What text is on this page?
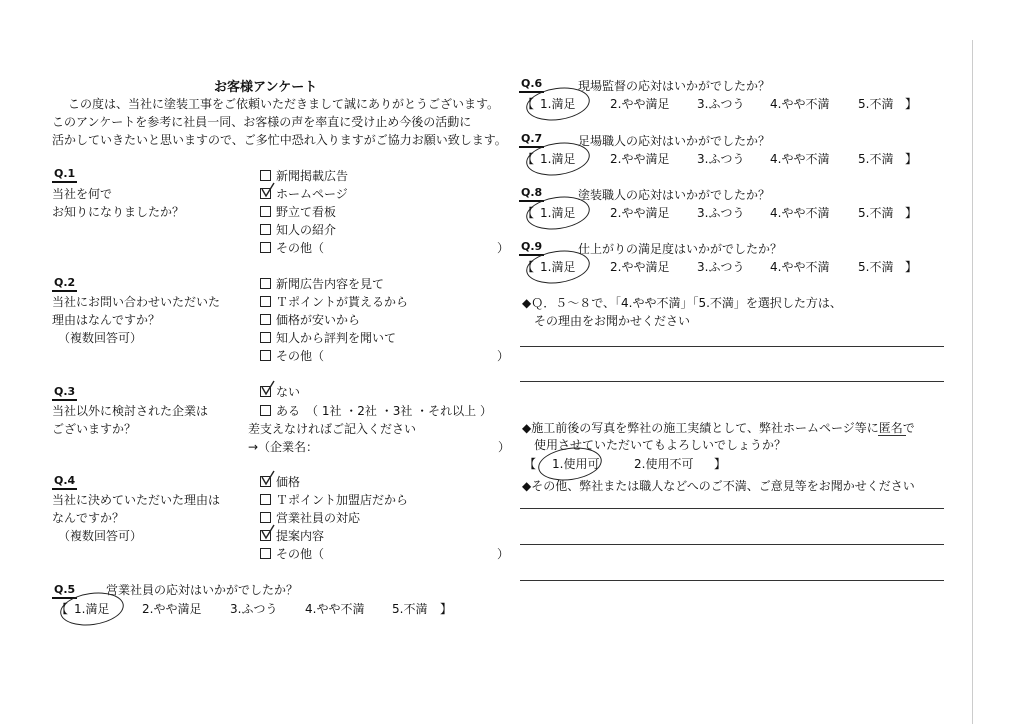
お客様アンケート
この度は、当社に塗装工事をご依頼いただきまして誠にありがとうございます。
このアンケートを参考に社員一同、お客様の声を率直に受け止め今後の活動に
活かしていきたいと思いますので、ご多忙中恐れ入りますがご協力お願い致します。
Q.1
当社を何で
お知りになりましたか？
新聞掲載広告
ホームページ
野立て看板
知人の紹介
その他（	）
Q.2
当社にお問い合わせいただいた
理由はなんですか？
（複数回答可）
新聞広告内容を見て
Ｔポイントが貰えるから
価格が安いから
知人から評判を聞いて
その他（	）
Q.3
当社以外に検討された企業は
ございますか？
ない
ある　（ 1社 ・2社 ・3社 ・それ以上 ）
差支えなければご記入ください
→（企業名：	）
Q.4
当社に決めていただいた理由は
なんですか？
（複数回答可）
価格
Ｔポイント加盟店だから
営業社員の対応
提案内容
その他（	）
Q.5	営業社員の応対はいかがでしたか？
【 1.満足	2.やや満足 3.ふつう 4.やや不満 5.不満 】
Q.6	現場監督の応対はいかがでしたか？
【 1.満足	2.やや満足 3.ふつう 4.やや不満 5.不満 】
Q.7	足場職人の応対はいかがでしたか？
【 1.満足	2.やや満足 3.ふつう 4.やや不満 5.不満 】
Q.8	塗装職人の応対はいかがでしたか？
【 1.満足	2.やや満足 3.ふつう 4.やや不満 5.不満 】
Q.9	仕上がりの満足度はいかがでしたか？
【 1.満足	2.やや満足 3.ふつう 4.やや不満 5.不満 】
◆Ｑ．５～８で、「4.やや不満」「5.不満」を選択した方は、
その理由をお聞かせください
◆施工前後の写真を弊社の施工実績として、弊社ホームページ等に匿名で
使用させていただいてもよろしいでしょうか？
【 1.使用可	2.使用不可 】
◆その他、弊社または職人などへのご不満、ご意見等をお聞かせください
